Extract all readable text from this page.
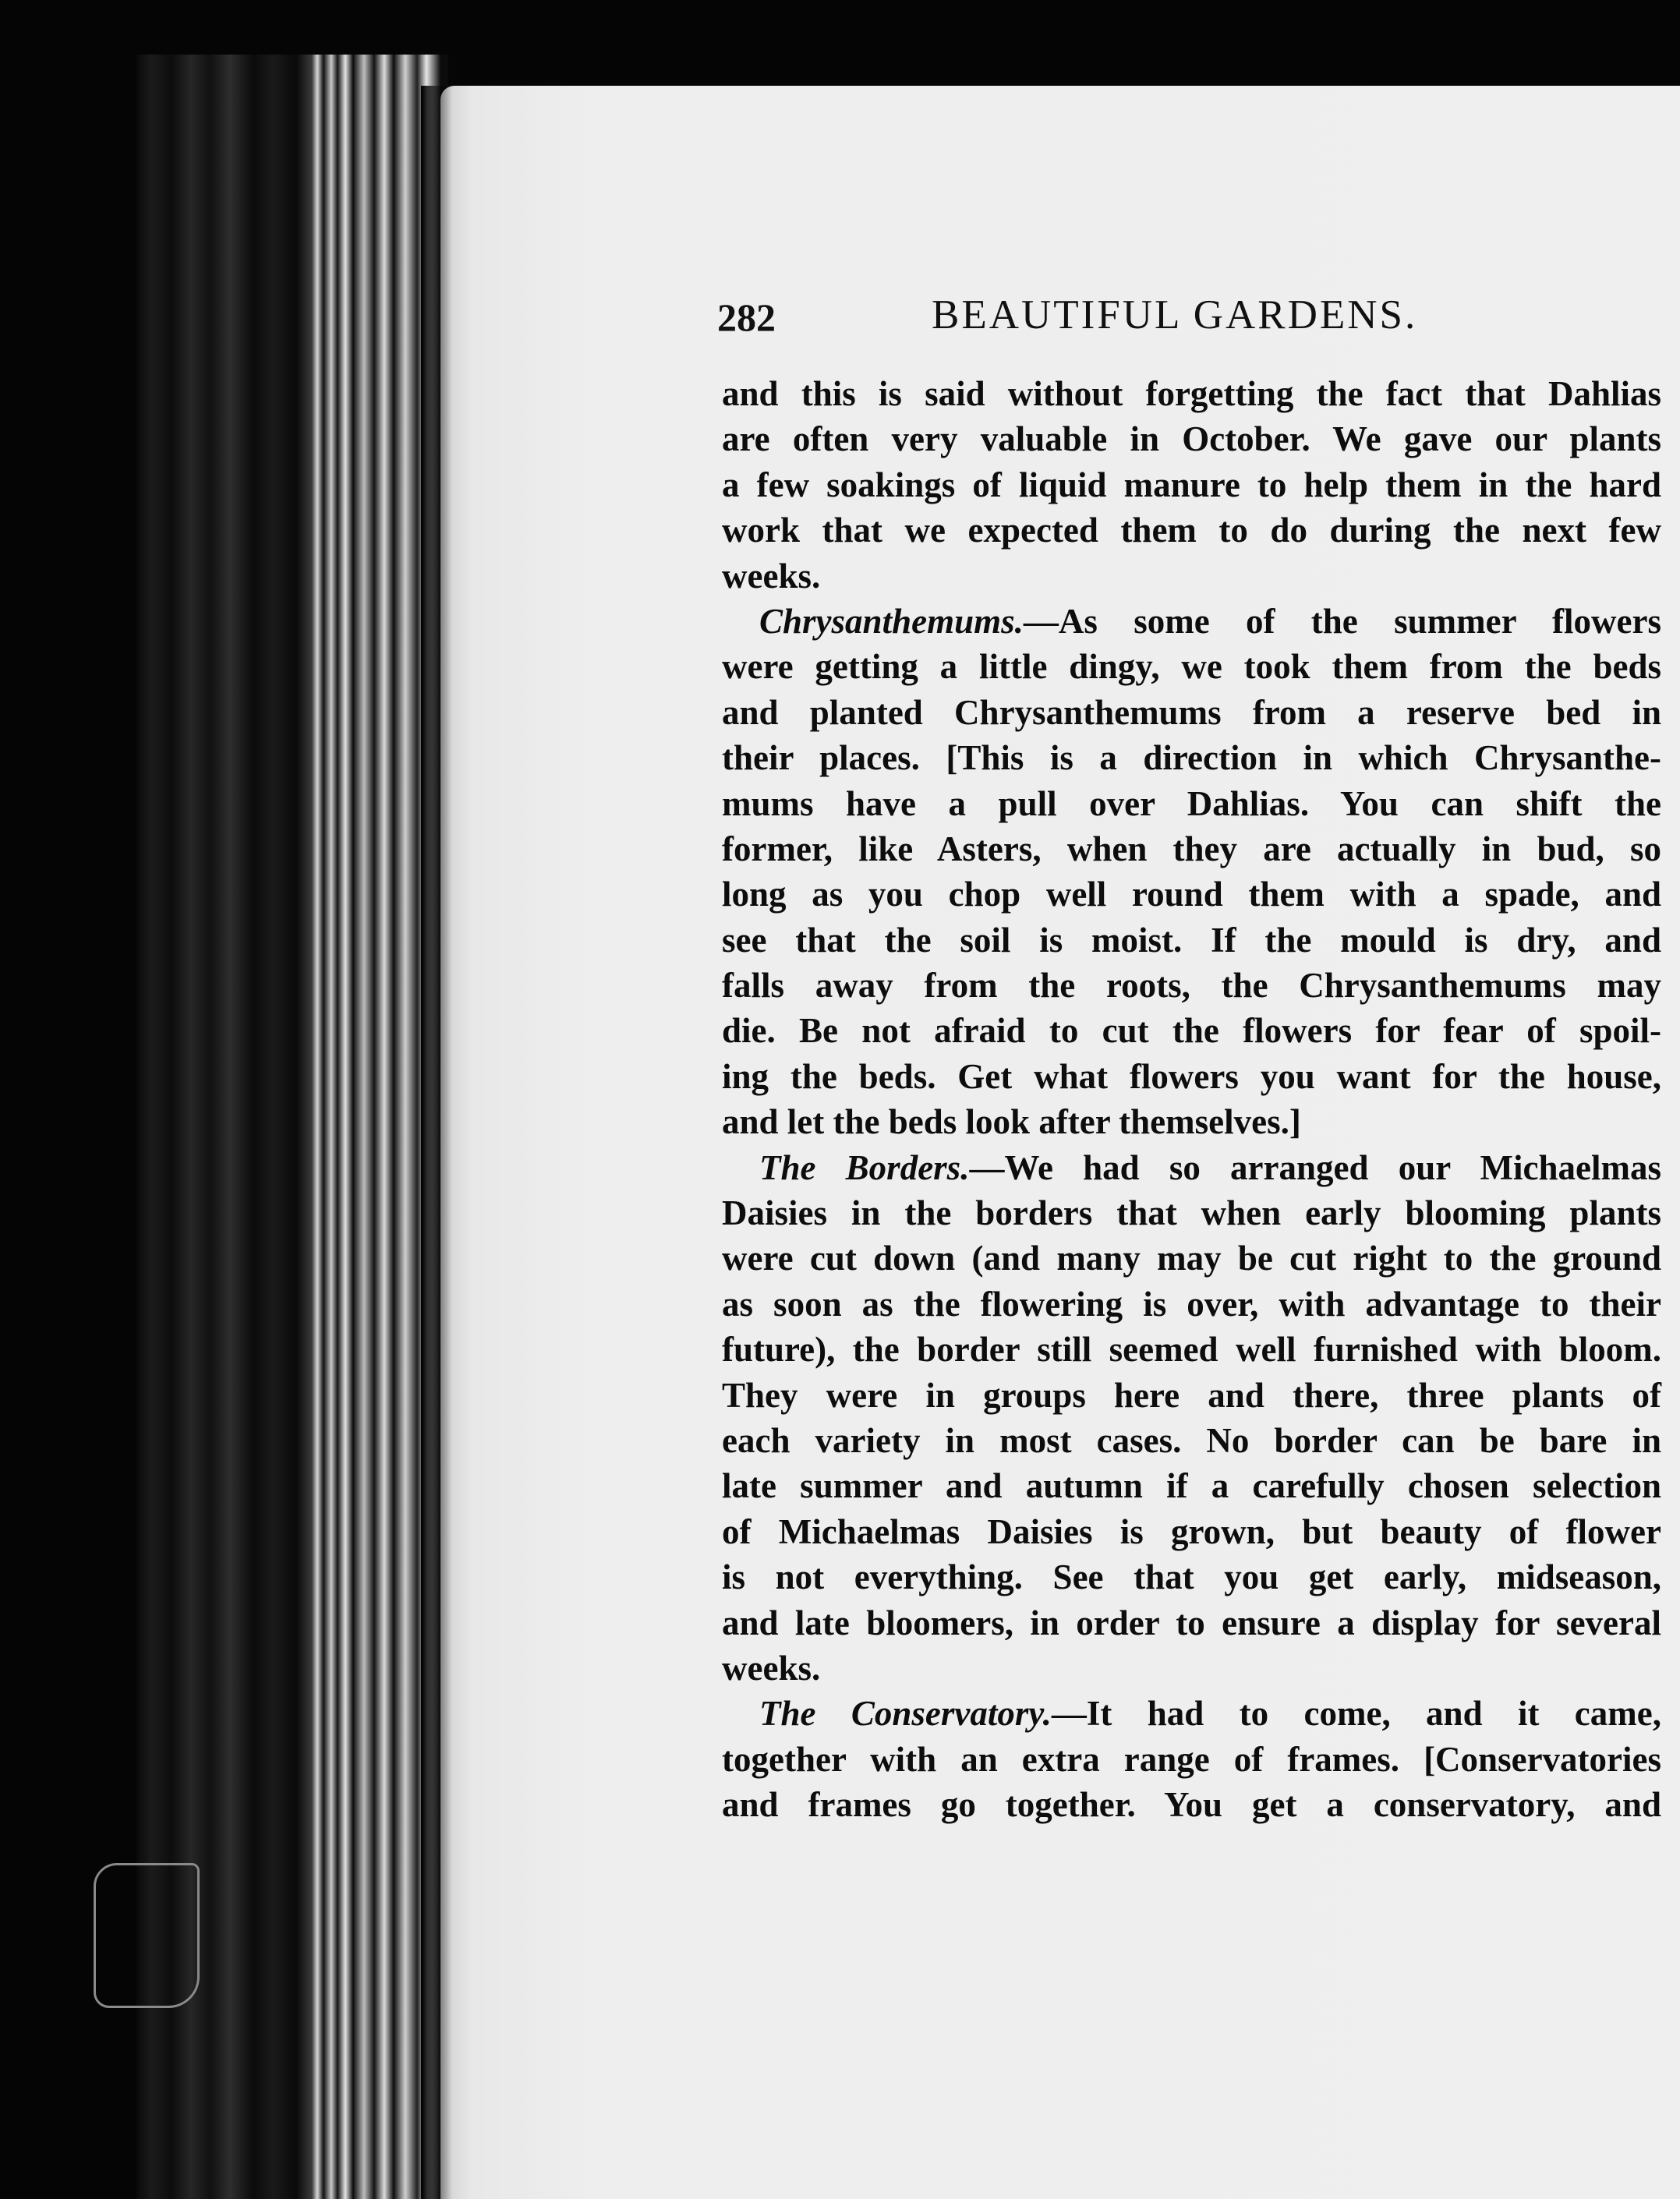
282	BEAUTIFUL GARDENS.
and this is said without forgetting the fact that Dahlias
are often very valuable in October. We gave our plants
a few soakings of liquid manure to help them in the hard
work that we expected them to do during the next few
weeks.
Chrysanthemums.—As some of the summer flowers
were getting a little dingy, we took them from the beds
and planted Chrysanthemums from a reserve bed in
their places. [This is a direction in which Chrysanthe-
mums have a pull over Dahlias. You can shift the
former, like Asters, when they are actually in bud, so
long as you chop well round them with a spade, and
see that the soil is moist. If the mould is dry, and
falls away from the roots, the Chrysanthemums may
die. Be not afraid to cut the flowers for fear of spoil-
ing the beds. Get what flowers you want for the house,
and let the beds look after themselves.]
The Borders.—We had so arranged our Michaelmas
Daisies in the borders that when early blooming plants
were cut down (and many may be cut right to the ground
as soon as the flowering is over, with advantage to their
future), the border still seemed well furnished with bloom.
They were in groups here and there, three plants of
each variety in most cases. No border can be bare in
late summer and autumn if a carefully chosen selection
of Michaelmas Daisies is grown, but beauty of flower
is not everything. See that you get early, midseason,
and late bloomers, in order to ensure a display for several
weeks.
The Conservatory.—It had to come, and it came,
together with an extra range of frames. [Conservatories
and frames go together. You get a conservatory, and
